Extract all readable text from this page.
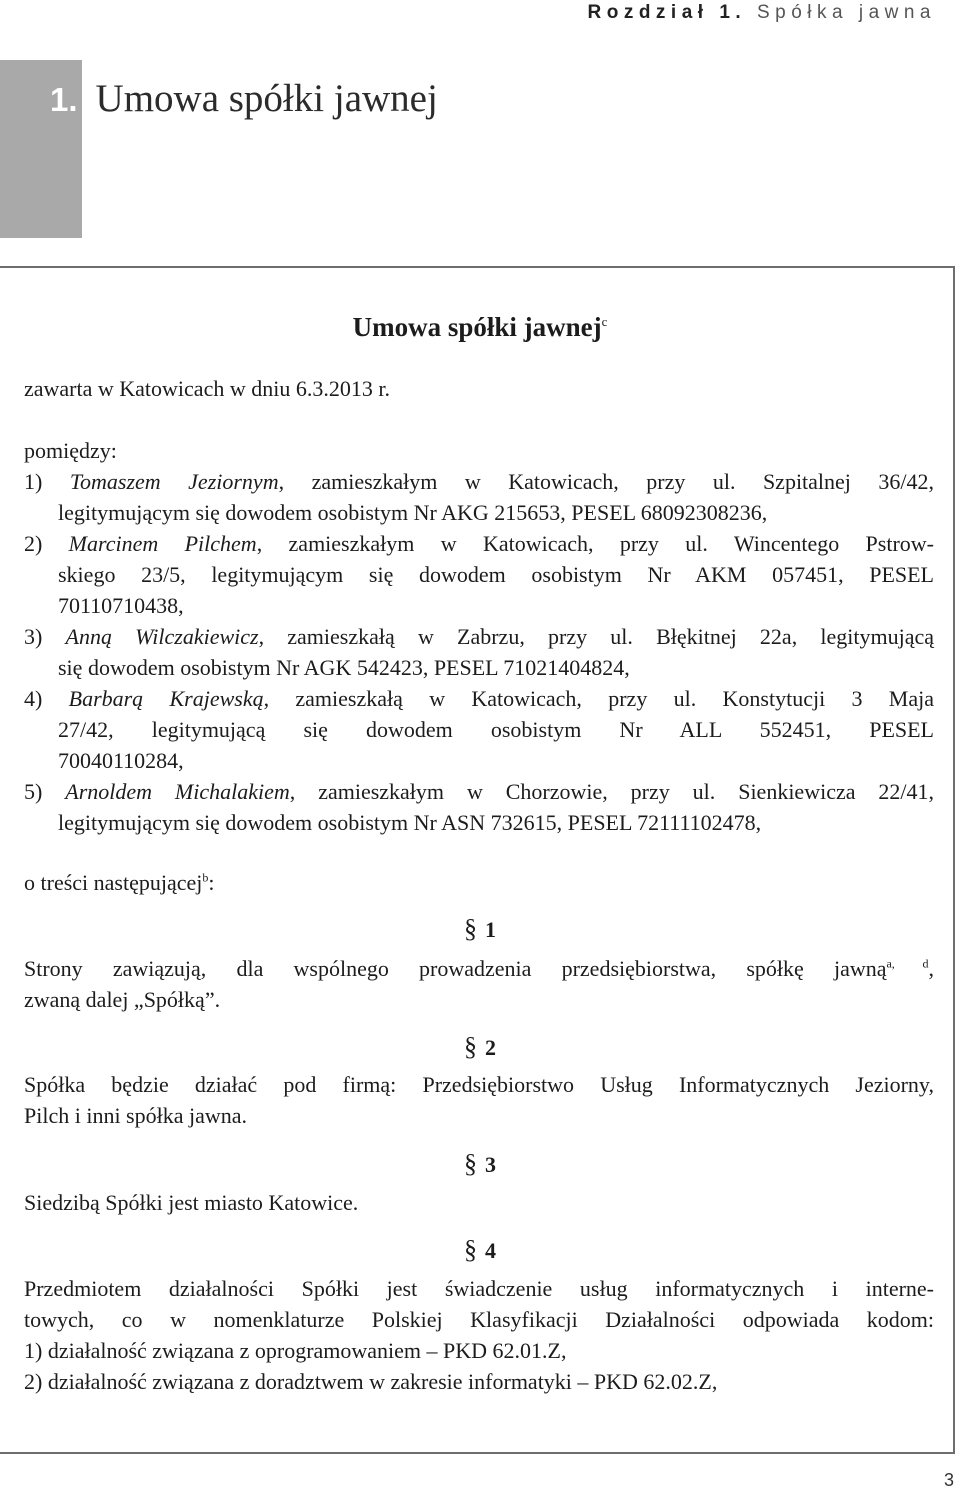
Rozdział 1. Spółka jawna
1. Umowa spółki jawnej
Umowa spółki jawnej$^c$
zawarta w Katowicach w dniu 6.3.2013 r.
pomiędzy:
1) Tomaszem Jeziornym, zamieszkałym w Katowicach, przy ul. Szpitalnej 36/42,
legitymującym się dowodem osobistym Nr AKG 215653, PESEL 68092308236,
2) Marcinem Pilchem, zamieszkałym w Katowicach, przy ul. Wincentego Pstrow-
skiego 23/5, legitymującym się dowodem osobistym Nr AKM 057451, PESEL
70110710438,
3) Anną Wilczakiewicz, zamieszkałą w Zabrzu, przy ul. Błękitnej 22a, legitymującą
się dowodem osobistym Nr AGK 542423, PESEL 71021404824,
4) Barbarą Krajewską, zamieszkałą w Katowicach, przy ul. Konstytucji 3 Maja
27/42, legitymującą się dowodem osobistym Nr ALL 552451, PESEL
70040110284,
5) Arnoldem Michalakiem, zamieszkałym w Chorzowie, przy ul. Sienkiewicza 22/41,
legitymującym się dowodem osobistym Nr ASN 732615, PESEL 72111102478,
o treści następującej$^b$:
§ 1
Strony zawiązują, dla wspólnego prowadzenia przedsiębiorstwa, spółkę jawną$^{a, d}$,
zwaną dalej „Spółką”.
§ 2
Spółka będzie działać pod firmą: Przedsiębiorstwo Usług Informatycznych Jeziorny,
Pilch i inni spółka jawna.
§ 3
Siedzibą Spółki jest miasto Katowice.
§ 4
Przedmiotem działalności Spółki jest świadczenie usług informatycznych i interne-
towych, co w nomenklaturze Polskiej Klasyfikacji Działalności odpowiada kodom:
1) działalność związana z oprogramowaniem – PKD 62.01.Z,
2) działalność związana z doradztwem w zakresie informatyki – PKD 62.02.Z,
3
